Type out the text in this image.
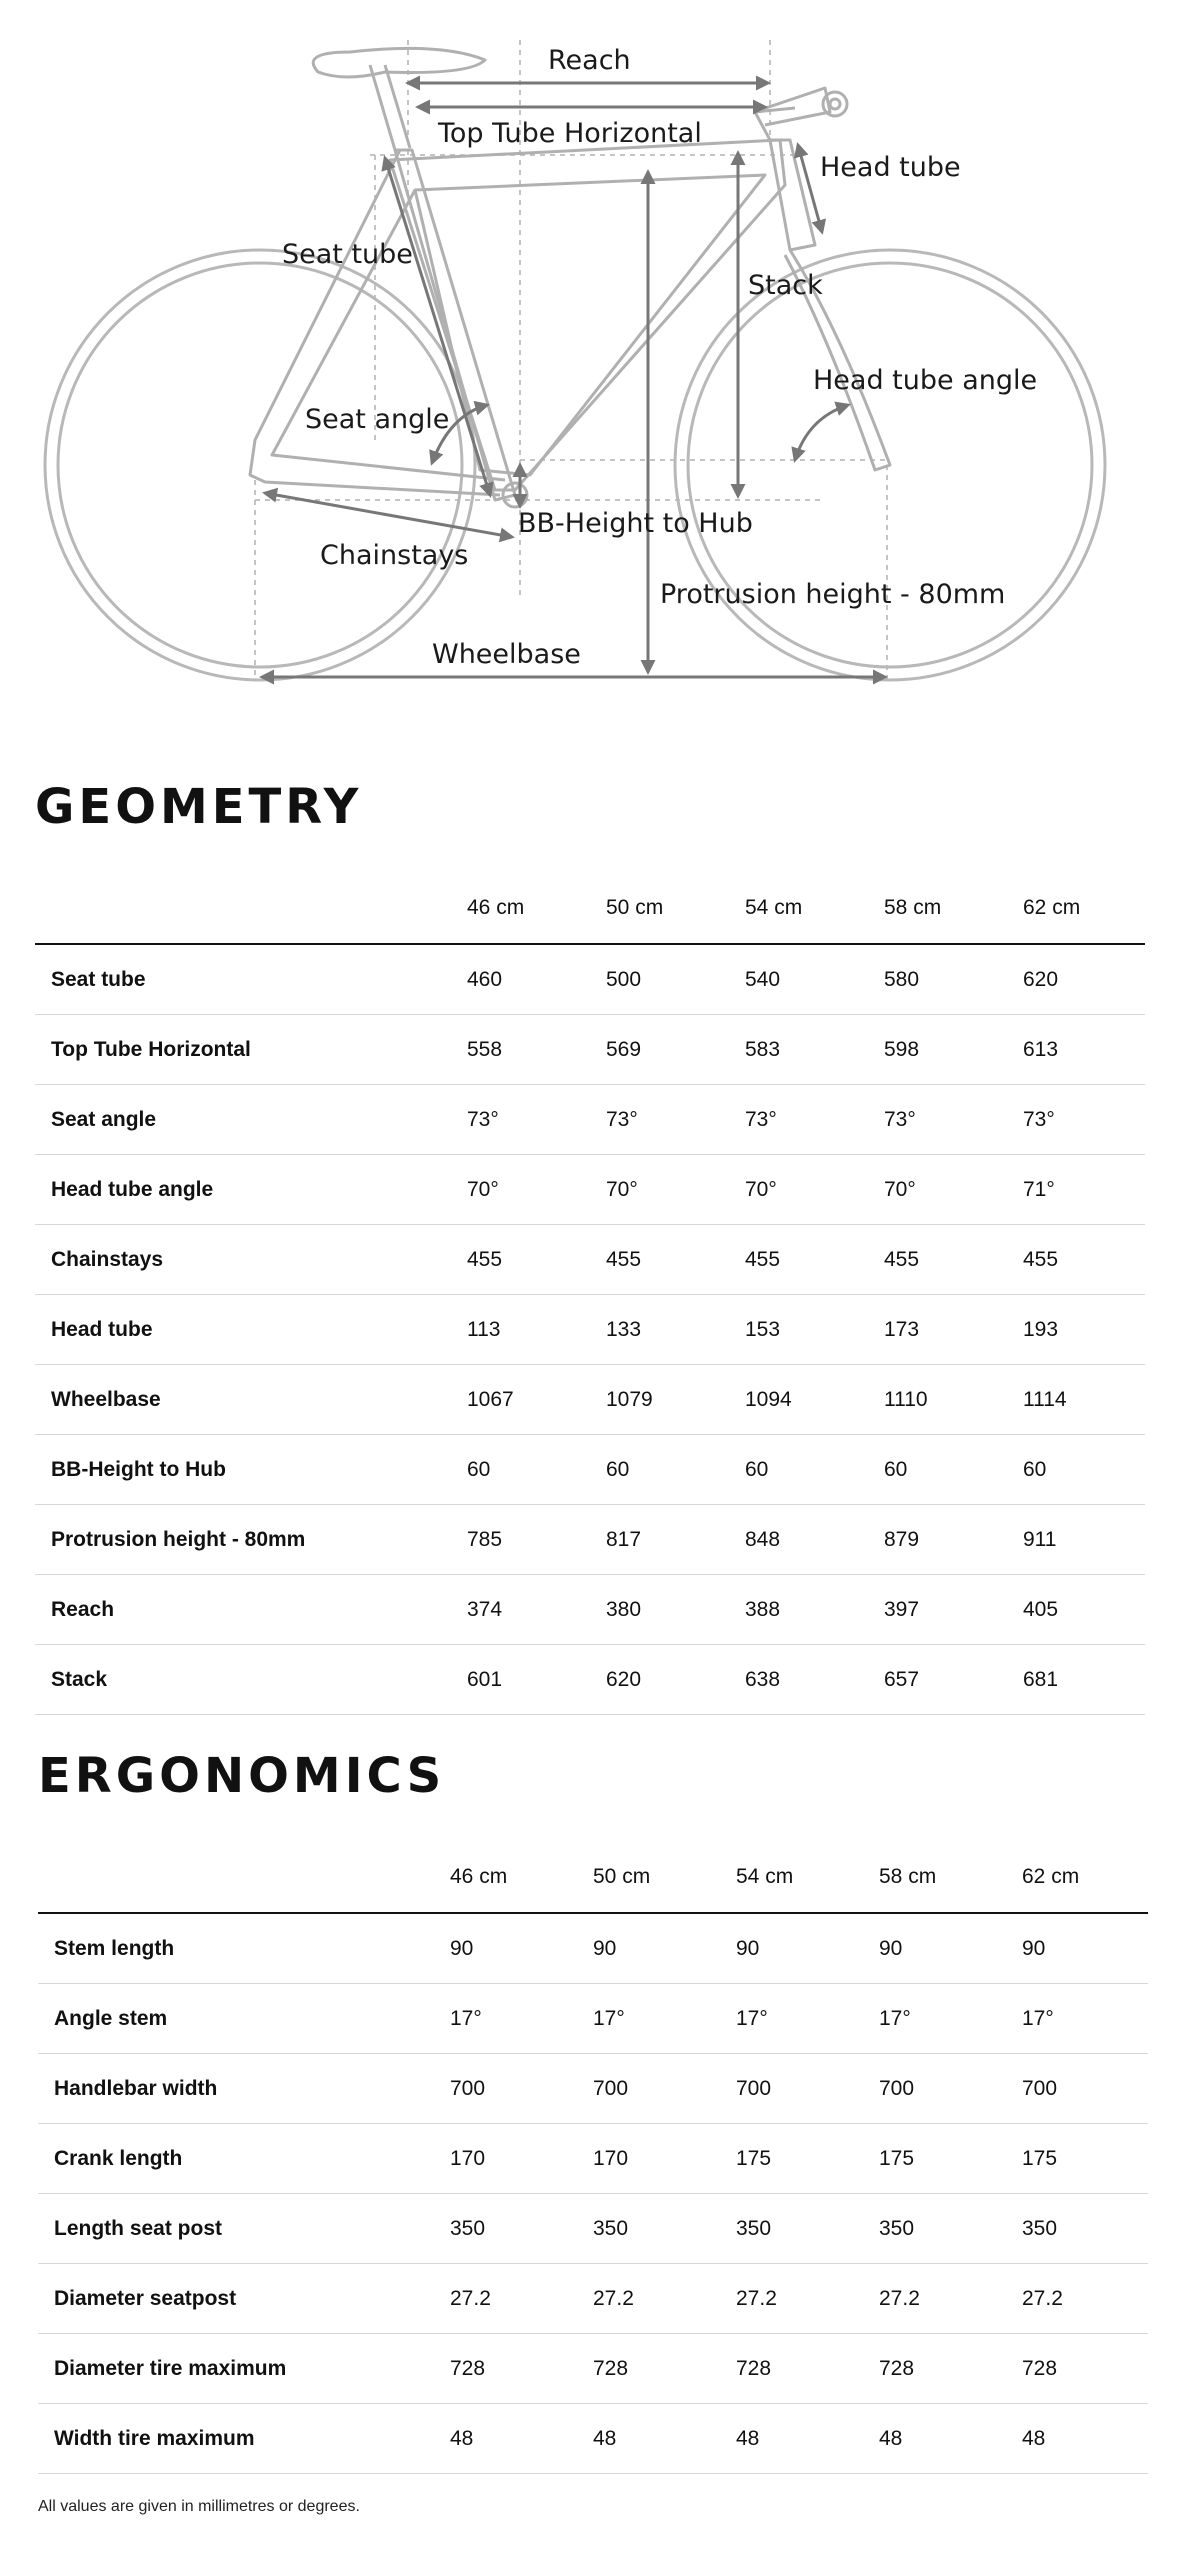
Reach
Top Tube Horizontal
Head tube
Seat tube
Stack
Head tube angle
Seat angle
BB-Height to Hub
Chainstays
Protrusion height - 80mm
Wheelbase
GEOMETRY
	46 cm	50 cm	54 cm	58 cm	62 cm
Seat tube	460	500	540	580	620
Top Tube Horizontal	558	569	583	598	613
Seat angle	73°	73°	73°	73°	73°
Head tube angle	70°	70°	70°	70°	71°
Chainstays	455	455	455	455	455
Head tube	113	133	153	173	193
Wheelbase	1067	1079	1094	1110	1114
BB-Height to Hub	60	60	60	60	60
Protrusion height - 80mm	785	817	848	879	911
Reach	374	380	388	397	405
Stack	601	620	638	657	681
ERGONOMICS
	46 cm	50 cm	54 cm	58 cm	62 cm
Stem length	90	90	90	90	90
Angle stem	17°	17°	17°	17°	17°
Handlebar width	700	700	700	700	700
Crank length	170	170	175	175	175
Length seat post	350	350	350	350	350
Diameter seatpost	27.2	27.2	27.2	27.2	27.2
Diameter tire maximum	728	728	728	728	728
Width tire maximum	48	48	48	48	48

All values are given in millimetres or degrees.
